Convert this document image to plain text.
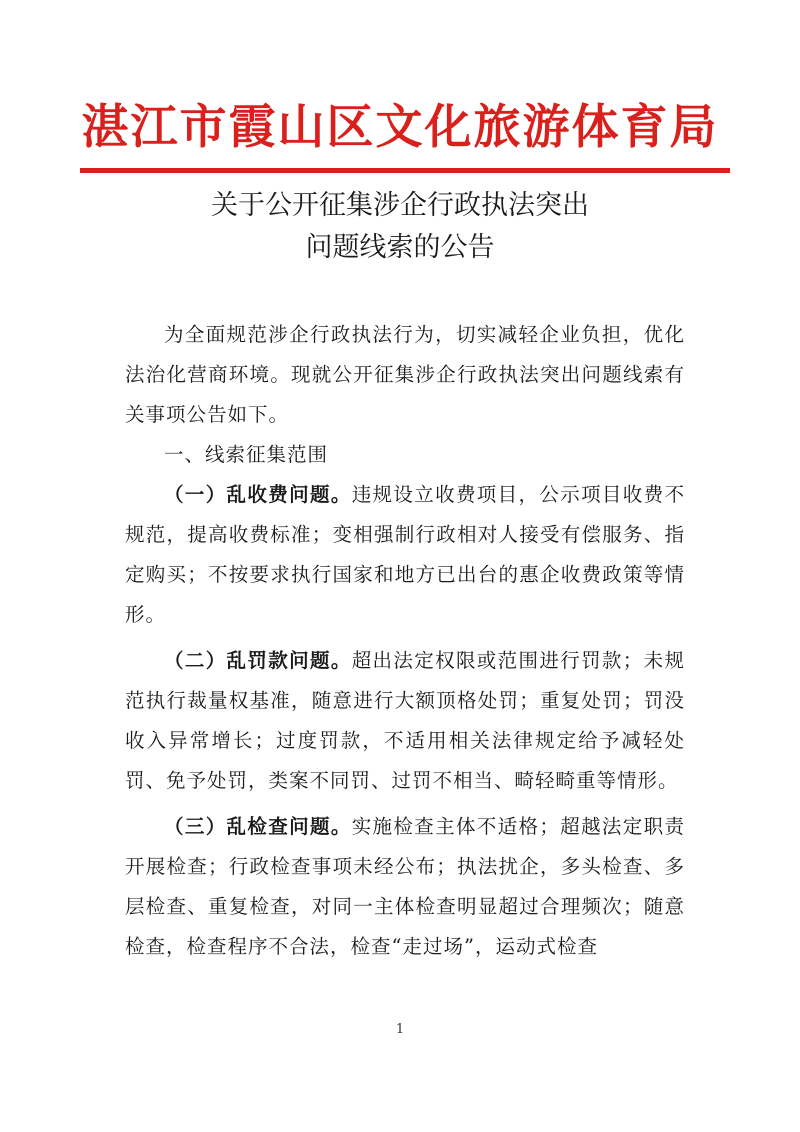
湛江市霞山区文化旅游体育局
关于公开征集涉企行政执法突出
问题线索的公告

为全面规范涉企行政执法行为，切实减轻企业负担，优化法治化营商环境。现就公开征集涉企行政执法突出问题线索有关事项公告如下。

一、线索征集范围

（一）乱收费问题。违规设立收费项目，公示项目收费不规范，提高收费标准；变相强制行政相对人接受有偿服务、指定购买；不按要求执行国家和地方已出台的惠企收费政策等情形。

（二）乱罚款问题。超出法定权限或范围进行罚款；未规范执行裁量权基准，随意进行大额顶格处罚；重复处罚；罚没收入异常增长；过度罚款，不适用相关法律规定给予减轻处罚、免予处罚，类案不同罚、过罚不相当、畸轻畸重等情形。

（三）乱检查问题。实施检查主体不适格；超越法定职责开展检查；行政检查事项未经公布；执法扰企，多头检查、多层检查、重复检查，对同一主体检查明显超过合理频次；随意检查，检查程序不合法，检查“走过场”，运动式检查

1
